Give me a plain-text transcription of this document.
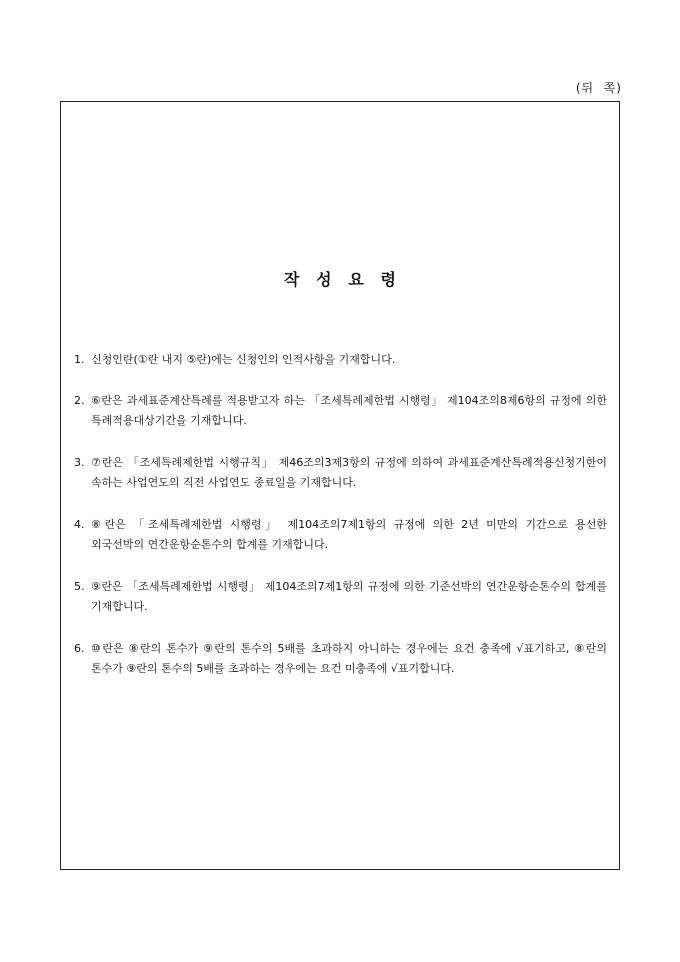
(뒤  쪽)
작   성   요   령
1. 신청인란(①란 내지 ⑤란)에는 신청인의 인적사항을 기재합니다.
2. ⑥란은 과세표준계산특례를 적용받고자 하는 「조세특례제한법 시행령」 제104조의8제6항의 규정에 의한 특례적용대상기간을 기재합니다.
3. ⑦란은 「조세특례제한법 시행규칙」 제46조의3제3항의 규정에 의하여 과세표준계산특례적용신청기한이 속하는 사업연도의 직전 사업연도 종료일을 기재합니다.
4. ⑧란은 「조세특례제한법 시행령」 제104조의7제1항의 규정에 의한 2년 미만의 기간으로 용선한 외국선박의 연간운항순톤수의 합계를 기재합니다.
5. ⑨란은 「조세특례제한법 시행령」 제104조의7제1항의 규정에 의한 기준선박의 연간운항순톤수의 합계를 기재합니다.
6. ⑩란은 ⑧란의 톤수가 ⑨란의 톤수의 5배를 초과하지 아니하는 경우에는 요건 충족에 √표기하고, ⑧란의 톤수가 ⑨란의 톤수의 5배를 초과하는 경우에는 요건 미충족에 √표기합니다.
